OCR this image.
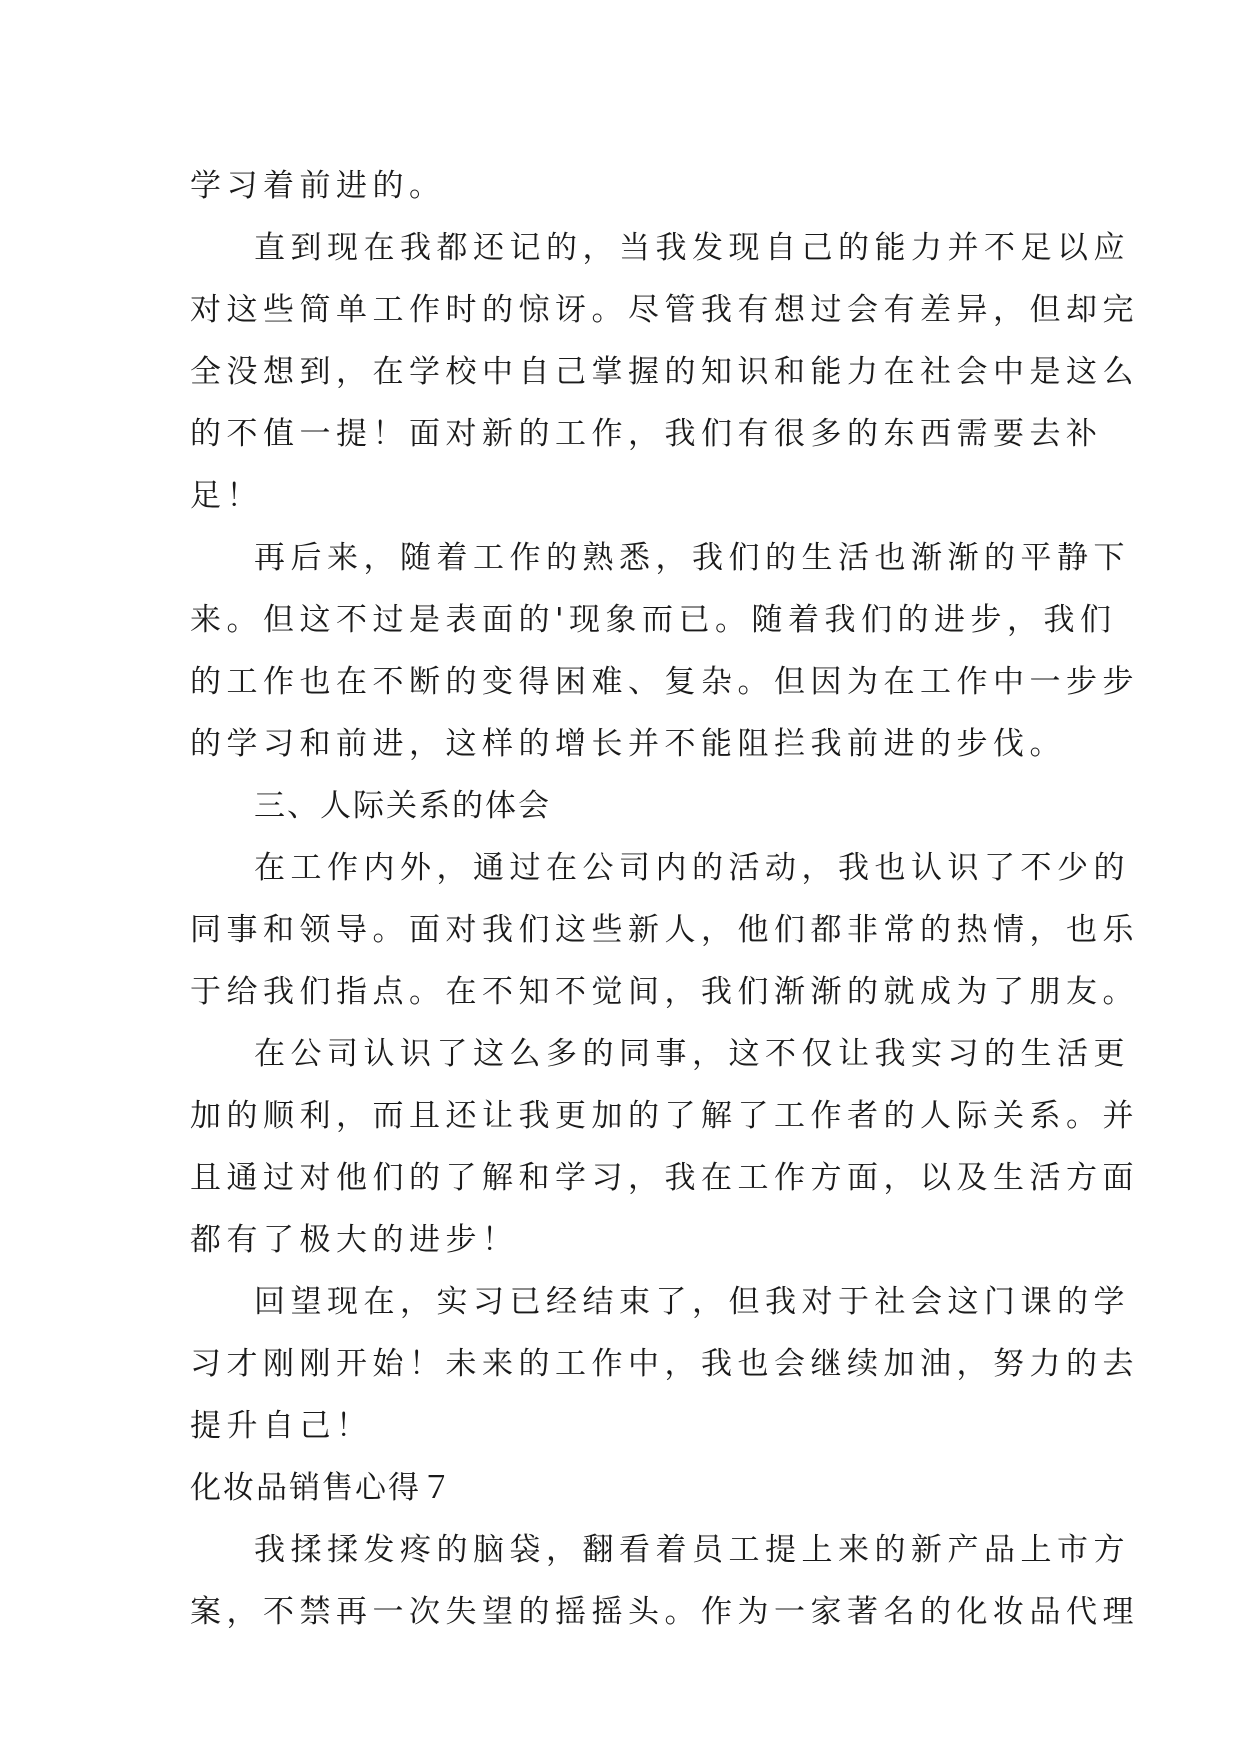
学习着前进的。
直到现在我都还记的，当我发现自己的能力并不足以应
对这些简单工作时的惊讶。尽管我有想过会有差异，但却完
全没想到，在学校中自己掌握的知识和能力在社会中是这么
的不值一提！面对新的工作，我们有很多的东西需要去补
足！
再后来，随着工作的熟悉，我们的生活也渐渐的平静下
来。但这不过是表面的'现象而已。随着我们的进步，我们
的工作也在不断的变得困难、复杂。但因为在工作中一步步
的学习和前进，这样的增长并不能阻拦我前进的步伐。
三、人际关系的体会
在工作内外，通过在公司内的活动，我也认识了不少的
同事和领导。面对我们这些新人，他们都非常的热情，也乐
于给我们指点。在不知不觉间，我们渐渐的就成为了朋友。
在公司认识了这么多的同事，这不仅让我实习的生活更
加的顺利，而且还让我更加的了解了工作者的人际关系。并
且通过对他们的了解和学习，我在工作方面，以及生活方面
都有了极大的进步！
回望现在，实习已经结束了，但我对于社会这门课的学
习才刚刚开始！未来的工作中，我也会继续加油，努力的去
提升自己！
化妆品销售心得７
我揉揉发疼的脑袋，翻看着员工提上来的新产品上市方
案，不禁再一次失望的摇摇头。作为一家著名的化妆品代理
